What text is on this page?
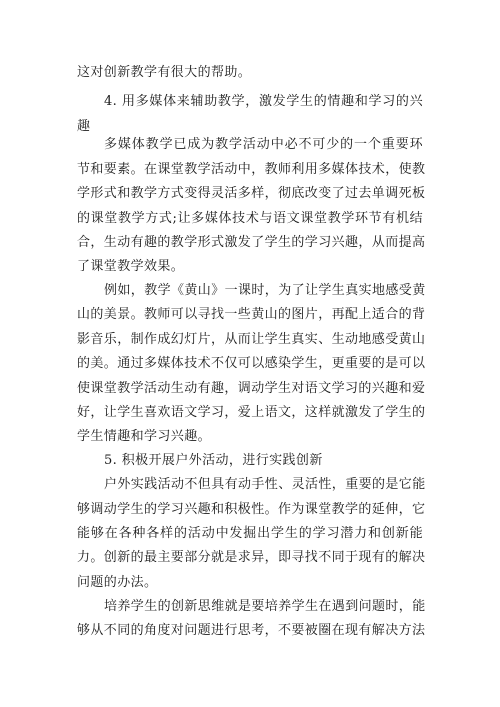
这对创新教学有很大的帮助。
4. 用多媒体来辅助教学，激发学生的情趣和学习的兴
趣
多媒体教学已成为教学活动中必不可少的一个重要环
节和要素。在课堂教学活动中，教师利用多媒体技术，使教
学形式和教学方式变得灵活多样，彻底改变了过去单调死板
的课堂教学方式;让多媒体技术与语文课堂教学环节有机结
合，生动有趣的教学形式激发了学生的学习兴趣，从而提高
了课堂教学效果。
例如，教学《黄山》一课时，为了让学生真实地感受黄
山的美景。教师可以寻找一些黄山的图片，再配上适合的背
影音乐，制作成幻灯片，从而让学生真实、生动地感受黄山
的美。通过多媒体技术不仅可以感染学生，更重要的是可以
使课堂教学活动生动有趣，调动学生对语文学习的兴趣和爱
好，让学生喜欢语文学习，爱上语文，这样就激发了学生的
学生情趣和学习兴趣。
5. 积极开展户外活动，进行实践创新
户外实践活动不但具有动手性、灵活性，重要的是它能
够调动学生的学习兴趣和积极性。作为课堂教学的延伸，它
能够在各种各样的活动中发掘出学生的学习潜力和创新能
力。创新的最主要部分就是求异，即寻找不同于现有的解决
问题的办法。
培养学生的创新思维就是要培养学生在遇到问题时，能
够从不同的角度对问题进行思考，不要被圈在现有解决方法
